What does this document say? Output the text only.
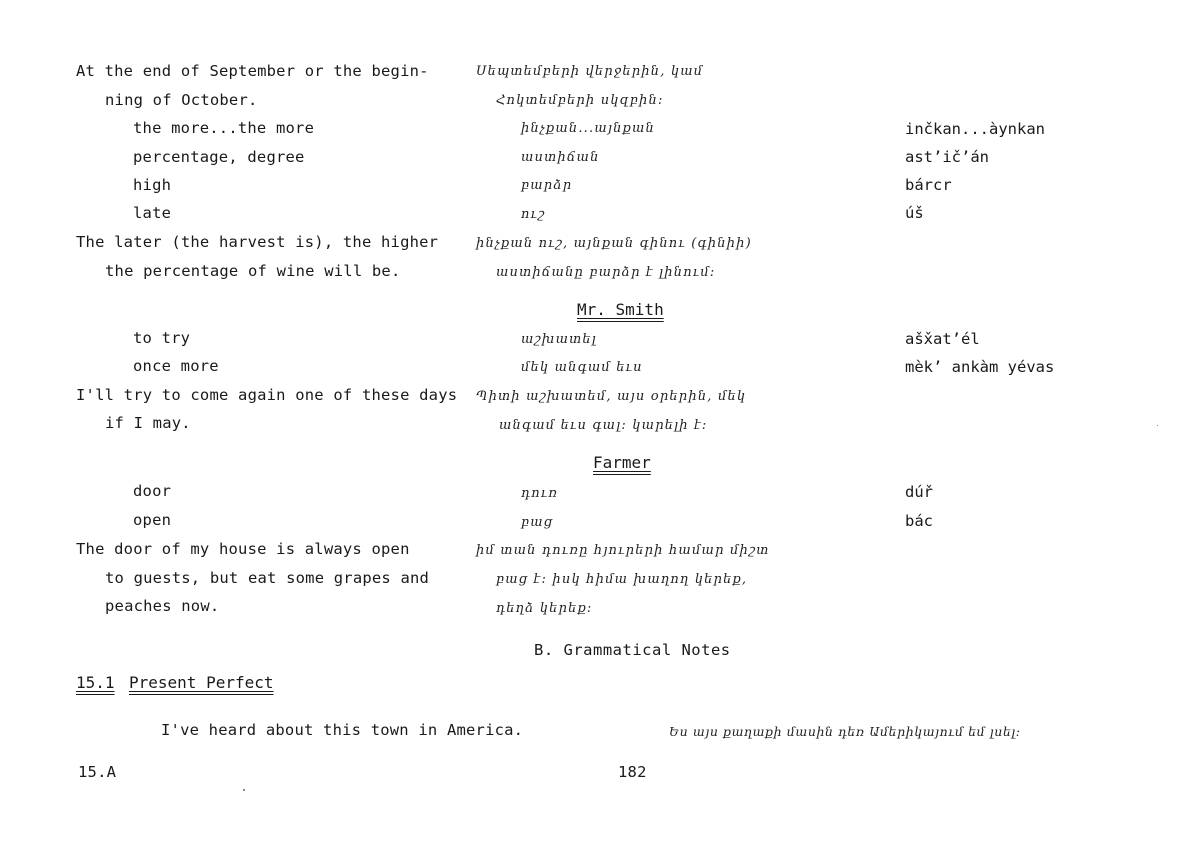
At the end of September or the begin-	Սեպտեմբերի վերջերին, կամ
ning of October.	Հոկտեմբերի սկզբին։
the more...the more	ինչքան...այնքան	inčkan...àynkan
percentage, degree	աստիճան	ast’ič’án
high	բարձր	bárcr
late	ուշ	úš
The later (the harvest is), the higher	ինչքան ուշ, այնքան գինու (գինիի)
the percentage of wine will be.	աստիճանը բարձր է լինում։
Mr. Smith
to try	աշխատել	aš̌xat’él
once more	մեկ անգամ եւս	mèk’ ankàm yévas
I'll try to come again one of these days Պիտի աշխատեմ, այս օրերին, մեկ
if I may.	անգամ եւս գալ։ կարելի է։
Farmer
door	դուռ	dúř
open	բաց	bác
The door of my house is always open	իմ տան դուռը հյուրերի համար միշտ
to guests, but eat some grapes and	բաց է։ իսկ հիմա խաղող կերեք,
peaches now.	դեղձ կերեք։
B. Grammatical Notes
15.1 Present Perfect
I've heard about this town in America.	Ես այս քաղաքի մասին դեռ Ամերիկայում եմ լսել։
15.A	182
